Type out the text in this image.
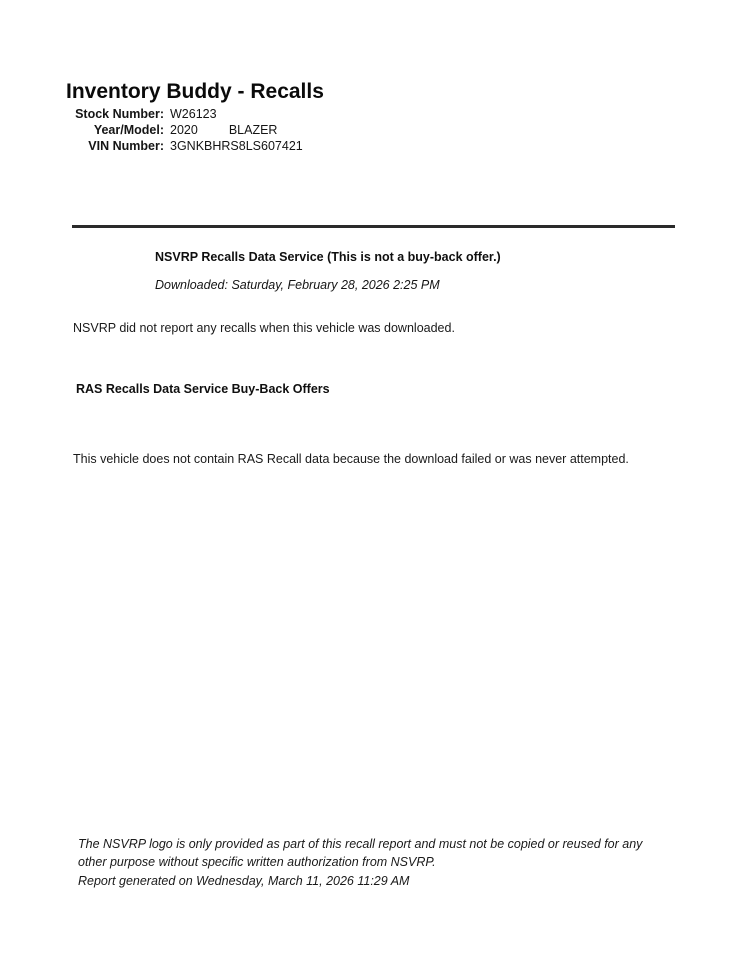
Inventory Buddy - Recalls
Stock Number: W26123
Year/Model: 2020 BLAZER
VIN Number: 3GNKBHRS8LS607421
NSVRP Recalls Data Service (This is not a buy-back offer.)
Downloaded: Saturday, February 28, 2026 2:25 PM
NSVRP did not report any recalls when this vehicle was downloaded.
RAS Recalls Data Service Buy-Back Offers
This vehicle does not contain RAS Recall data because the download failed or was never attempted.
The NSVRP logo is only provided as part of this recall report and must not be copied or reused for any other purpose without specific written authorization from NSVRP.
Report generated on Wednesday, March 11, 2026 11:29 AM
